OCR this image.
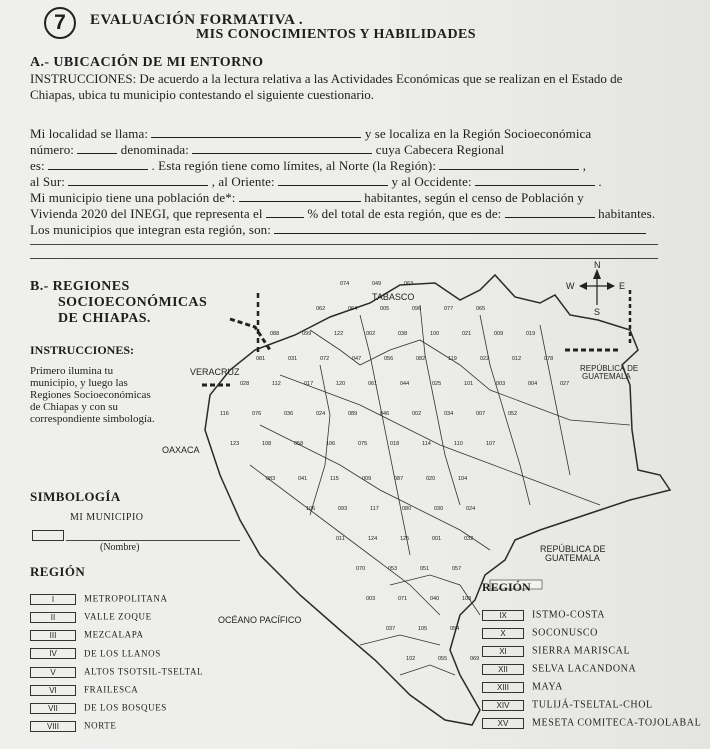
7	EVALUACIÓN FORMATIVA .
MIS CONOCIMIENTOS Y HABILIDADES
A.- UBICACIÓN DE MI ENTORNO
INSTRUCCIONES: De acuerdo a la lectura relativa a las Actividades Económicas que se realizan en el Estado de Chiapas, ubica tu municipio contestando el siguiente cuestionario.
Mi localidad se llama:	y se localiza en la Región Socioeconómica
número:	denominada:	cuya Cabecera Regional
es:	. Esta región tiene como límites, al Norte (la Región):	,
al Sur:	, al Oriente:	y al Occidente:	.
Mi municipio tiene una población de*:	habitantes, según el censo de Población y
Vivienda 2020 del INEGI, que representa el	% del total de esta región, que es de:	habitantes.
Los municipios que integran esta región, son:
B.- REGIONES
SOCIOECONÓMICAS
DE CHIAPAS.
INSTRUCCIONES:
Primero ilumina tu municipio, y luego las Regiones Socioeconómicas de Chiapas y con su correspondiente simbología.
SIMBOLOGÍA
MI MUNICIPIO
(Nombre)
REGIÓN
I	METROPOLITANA
II	VALLE ZOQUE
III	MEZCALAPA
IV	DE LOS LLANOS
V	ALTOS TSOTSIL-TSELTAL
VI	FRAILESCA
VII	DE LOS BOSQUES
VIII	NORTE
N
S
W	E
TABASCO
VERACRUZ
OAXACA
OCÉANO PACÍFICO
REPÚBLICA DE
GUATEMALA
REPÚBLICA DE
GUATEMALA
REGIÓN
074	049	063
062	064	005	096	077	065
088	099	122	002	038	100	021	009	019
081	031	072	047	056	082	119	022	012	078
028	112	017	120	061	044	025	101	003	004	027
116	076	036	024	089	046	002	034	007	052
123	108	058	106	075	018	114	110	107
083	041	115	009	087	020	104
106	093	117	080	030	024
011	124	125	001	032
070	053	051	057
003	071	040	103
037	105	054
102	055	069
IX	ISTMO-COSTA
X	SOCONUSCO
XI	SIERRA MARISCAL
XII SELVA LACANDONA
XIII MAYA
XIV TULIJÁ-TSELTAL-CHOL
XV MESETA COMITECA-TOJOLABAL
